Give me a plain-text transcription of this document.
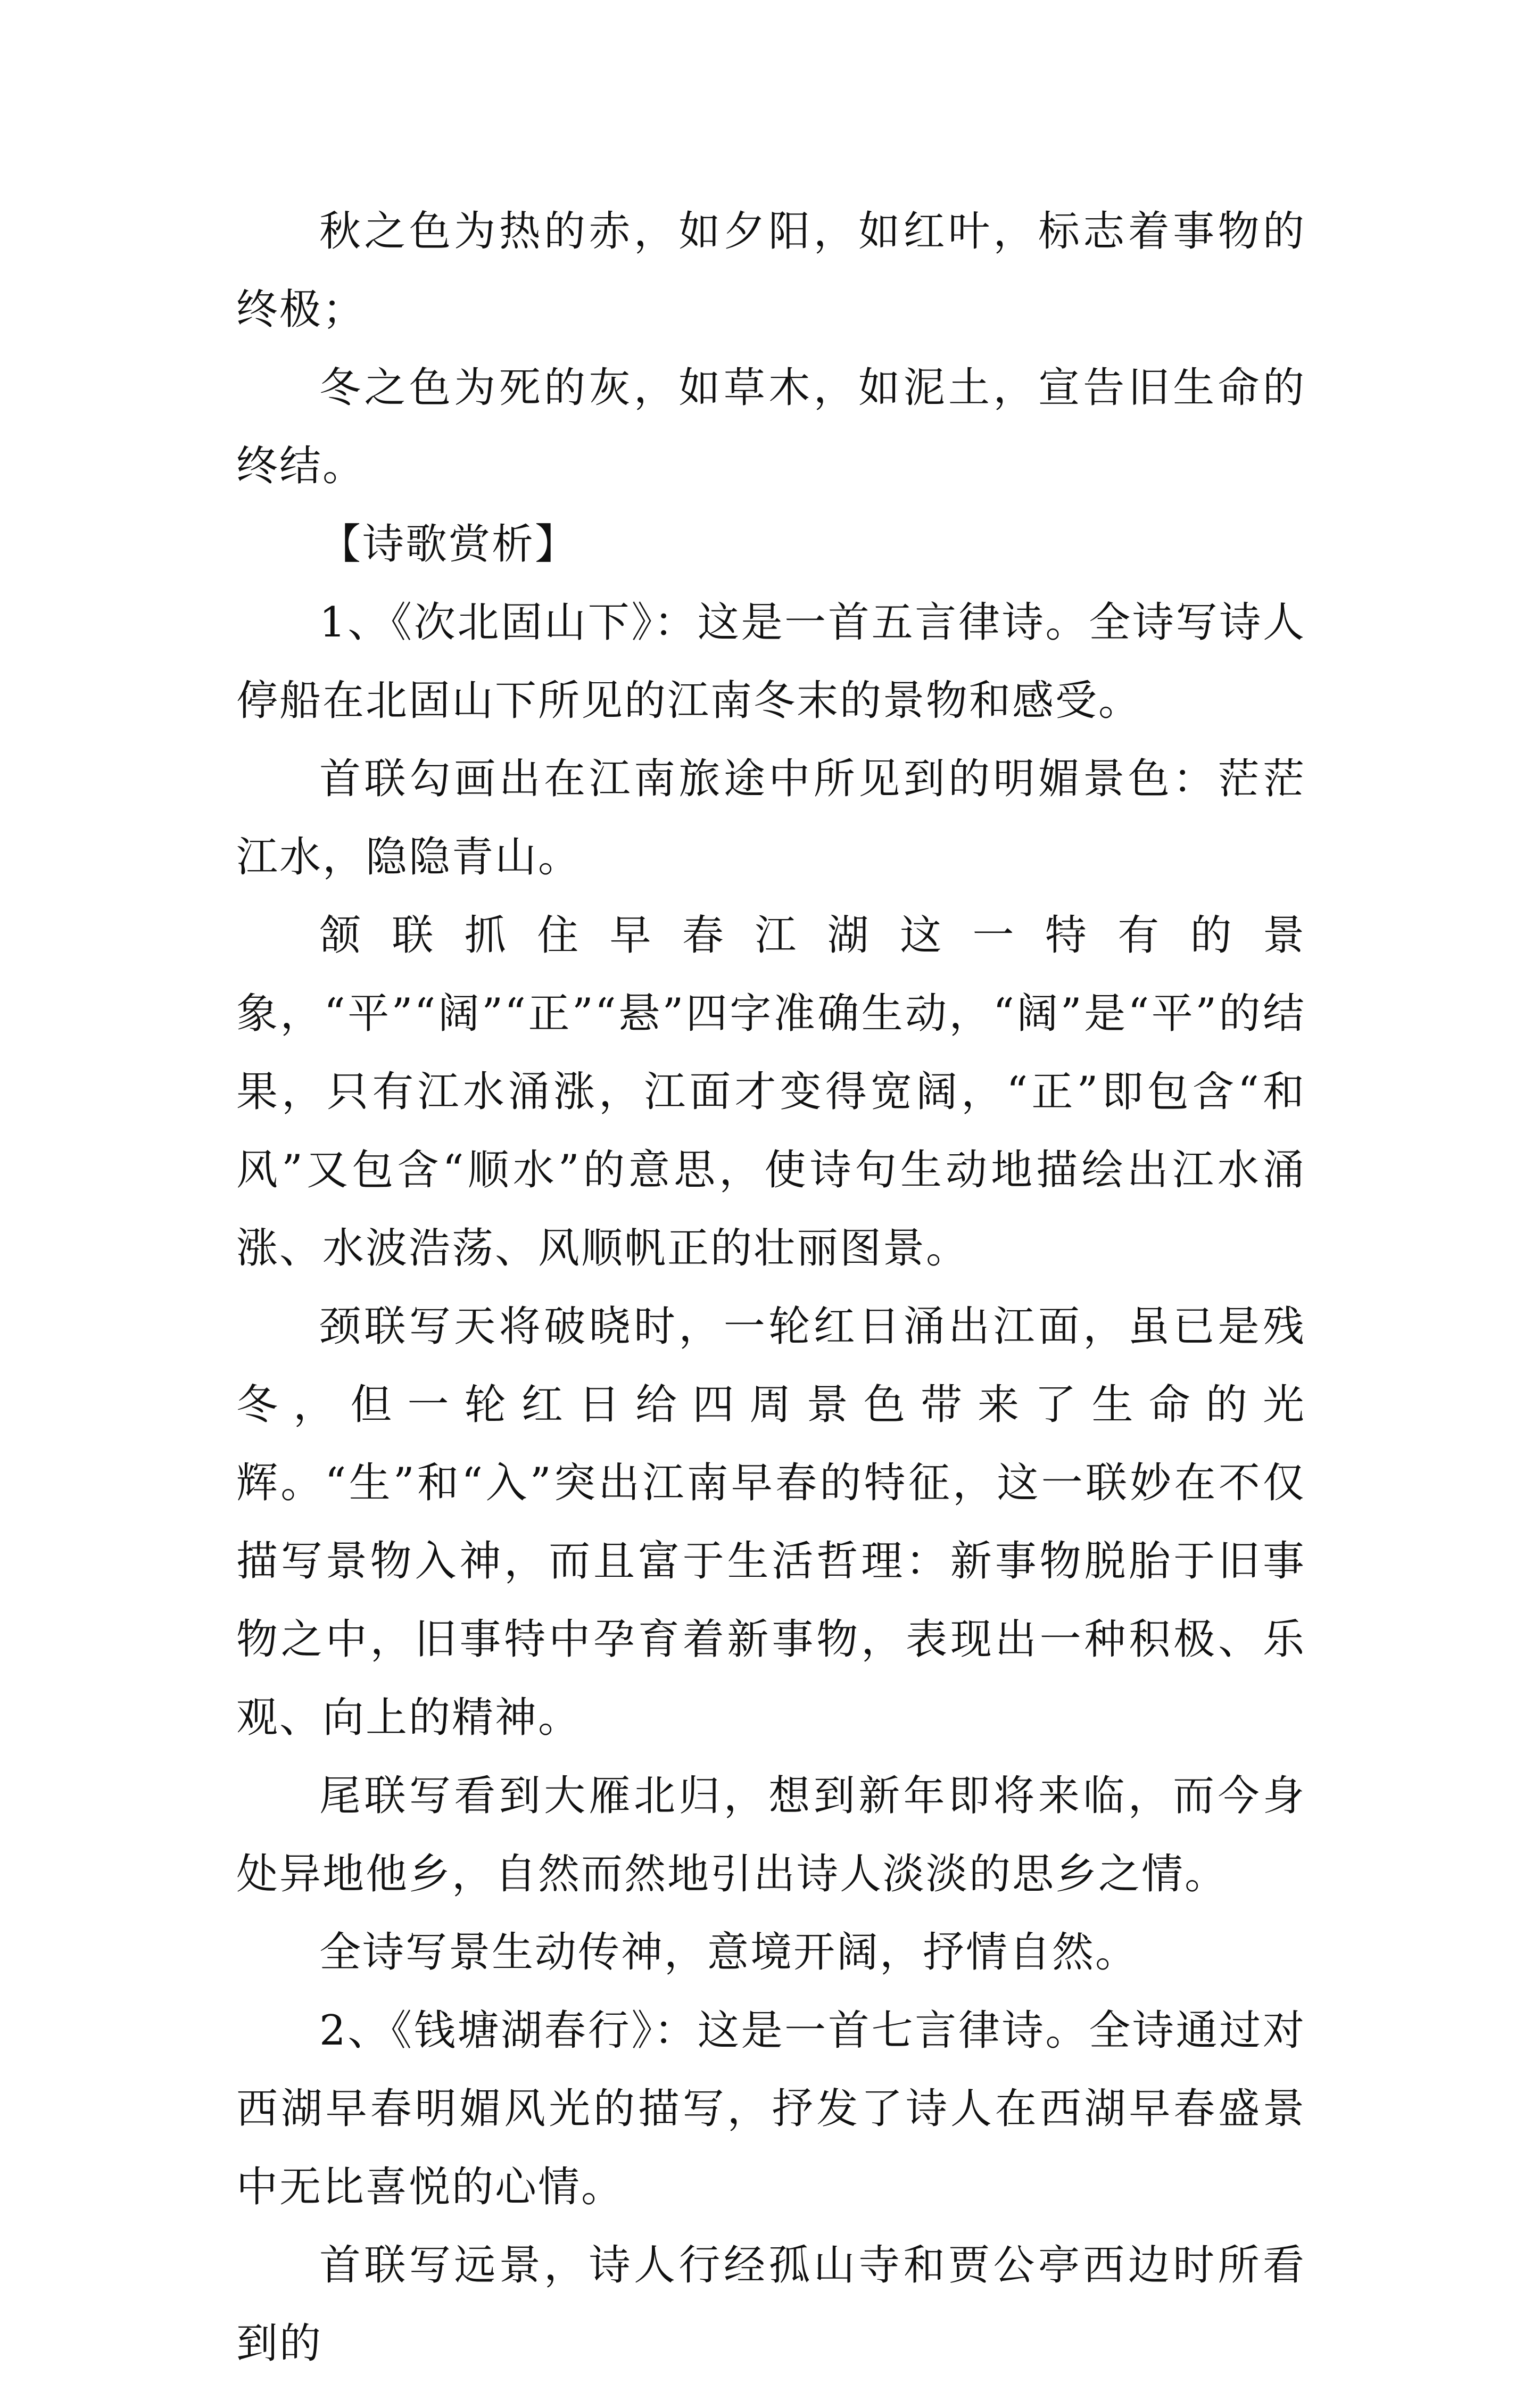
秋之色为热的赤，如夕阳，如红叶，标志着事物的终极；

冬之色为死的灰，如草木，如泥土，宣告旧生命的终结。

【诗歌赏析】

1、《次北固山下》：这是一首五言律诗。全诗写诗人停船在北固山下所见的江南冬末的景物和感受。

首联勾画出在江南旅途中所见到的明媚景色：茫茫江水，隐隐青山。

颔联抓住早春江湖这一特有的景象，“平”“阔”“正”“悬”四字准确生动，“阔”是“平”的结果，只有江水涌涨，江面才变得宽阔，“正”即包含“和风”又包含“顺水”的意思，使诗句生动地描绘出江水涌涨、水波浩荡、风顺帆正的壮丽图景。

颈联写天将破晓时，一轮红日涌出江面，虽已是残冬，但一轮红日给四周景色带来了生命的光辉。“生”和“入”突出江南早春的特征，这一联妙在不仅描写景物入神，而且富于生活哲理：新事物脱胎于旧事物之中，旧事特中孕育着新事物，表现出一种积极、乐观、向上的精神。

尾联写看到大雁北归，想到新年即将来临，而今身处异地他乡，自然而然地引出诗人淡淡的思乡之情。

全诗写景生动传神，意境开阔，抒情自然。

2、《钱塘湖春行》：这是一首七言律诗。全诗通过对西湖早春明媚风光的描写，抒发了诗人在西湖早春盛景中无比喜悦的心情。

首联写远景，诗人行经孤山寺和贾公亭西边时所看到的
